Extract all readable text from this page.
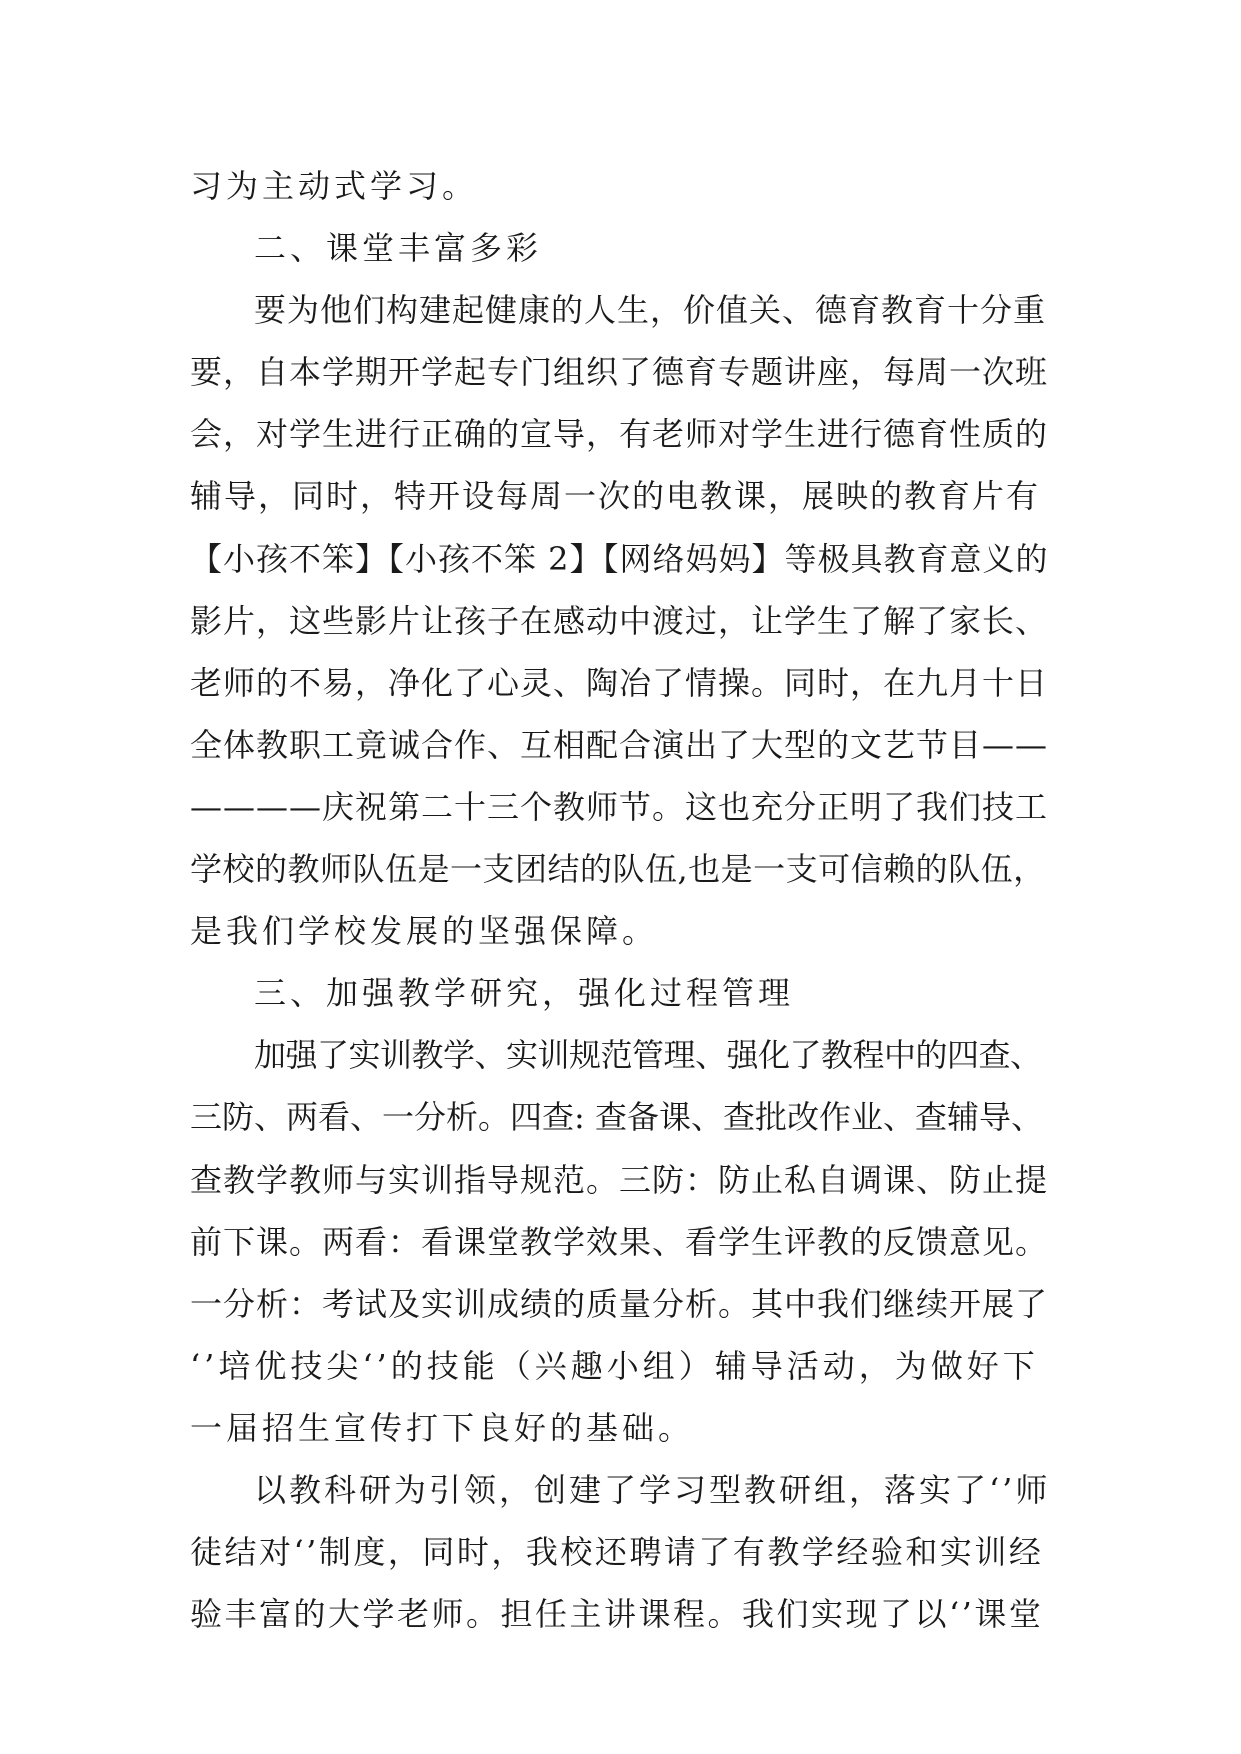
习为主动式学习。
二、课堂丰富多彩
要为他们构建起健康的人生，价值关、德育教育十分重
要，自本学期开学起专门组织了德育专题讲座，每周一次班
会，对学生进行正确的宣导，有老师对学生进行德育性质的
辅导，同时，特开设每周一次的电教课，展映的教育片有
【小孩不笨】【小孩不笨 2】【网络妈妈】等极具教育意义的
影片，这些影片让孩子在感动中渡过，让学生了解了家长、
老师的不易，净化了心灵、陶冶了情操。同时，在九月十日
全体教职工竟诚合作、互相配合演出了大型的文艺节目——
————庆祝第二十三个教师节。这也充分正明了我们技工
学校的教师队伍是一支团结的队伍,也是一支可信赖的队伍，
是我们学校发展的坚强保障。
三、加强教学研究，强化过程管理
加强了实训教学、实训规范管理、强化了教程中的四查、
三防、两看、一分析。四查: 查备课、查批改作业、查辅导、
查教学教师与实训指导规范。三防：防止私自调课、防止提
前下课。两看：看课堂教学效果、看学生评教的反馈意见。
一分析：考试及实训成绩的质量分析。其中我们继续开展了
‘’培优技尖‘’的技能（兴趣小组）辅导活动，为做好下
一届招生宣传打下良好的基础。
以教科研为引领，创建了学习型教研组，落实了‘’师
徒结对‘’制度，同时，我校还聘请了有教学经验和实训经
验丰富的大学老师。担任主讲课程。我们实现了以‘’课堂
